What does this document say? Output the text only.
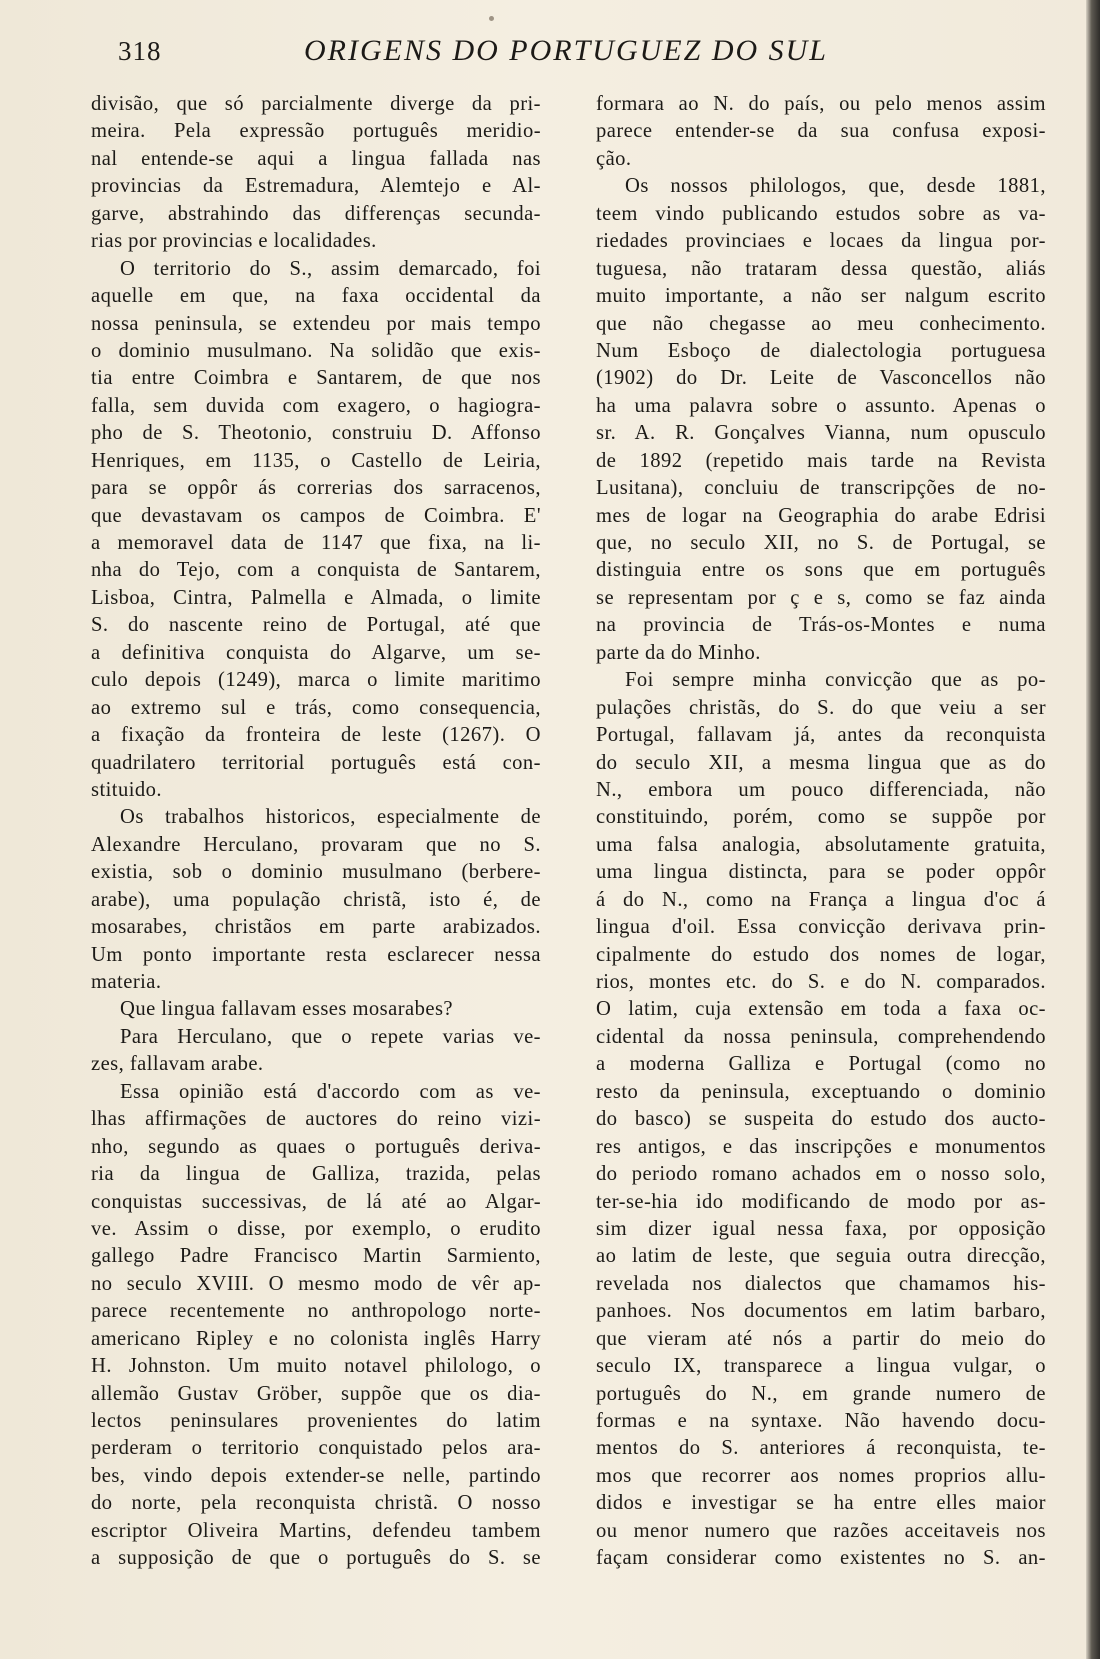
318	ORIGENS DO PORTUGUEZ DO SUL
divisão, que só parcialmente diverge da pri-
meira. Pela expressão português meridio-
nal entende-se aqui a lingua fallada nas
provincias da Estremadura, Alemtejo e Al-
garve, abstrahindo das differenças secunda-
rias por provincias e localidades.
O territorio do S., assim demarcado, foi
aquelle em que, na faxa occidental da
nossa peninsula, se extendeu por mais tempo
o dominio musulmano. Na solidão que exis-
tia entre Coimbra e Santarem, de que nos
falla, sem duvida com exagero, o hagiogra-
pho de S. Theotonio, construiu D. Affonso
Henriques, em 1135, o Castello de Leiria,
para se oppôr ás correrias dos sarracenos,
que devastavam os campos de Coimbra. E'
a memoravel data de 1147 que fixa, na li-
nha do Tejo, com a conquista de Santarem,
Lisboa, Cintra, Palmella e Almada, o limite
S. do nascente reino de Portugal, até que
a definitiva conquista do Algarve, um se-
culo depois (1249), marca o limite maritimo
ao extremo sul e trás, como consequencia,
a fixação da fronteira de leste (1267). O
quadrilatero territorial português está con-
stituido.
Os trabalhos historicos, especialmente de
Alexandre Herculano, provaram que no S.
existia, sob o dominio musulmano (berbere-
arabe), uma população christã, isto é, de
mosarabes, christãos em parte arabizados.
Um ponto importante resta esclarecer nessa
materia.
Que lingua fallavam esses mosarabes?
Para Herculano, que o repete varias ve-
zes, fallavam arabe.
Essa opinião está d'accordo com as ve-
lhas affirmações de auctores do reino vizi-
nho, segundo as quaes o português deriva-
ria da lingua de Galliza, trazida, pelas
conquistas successivas, de lá até ao Algar-
ve. Assim o disse, por exemplo, o erudito
gallego Padre Francisco Martin Sarmiento,
no seculo XVIII. O mesmo modo de vêr ap-
parece recentemente no anthropologo norte-
americano Ripley e no colonista inglês Harry
H. Johnston. Um muito notavel philologo, o
allemão Gustav Gröber, suppõe que os dia-
lectos peninsulares provenientes do latim
perderam o territorio conquistado pelos ara-
bes, vindo depois extender-se nelle, partindo
do norte, pela reconquista christã. O nosso
escriptor Oliveira Martins, defendeu tambem
a supposição de que o português do S. se
formara ao N. do país, ou pelo menos assim
parece entender-se da sua confusa exposi-
ção.
Os nossos philologos, que, desde 1881,
teem vindo publicando estudos sobre as va-
riedades provinciaes e locaes da lingua por-
tuguesa, não trataram dessa questão, aliás
muito importante, a não ser nalgum escrito
que não chegasse ao meu conhecimento.
Num Esboço de dialectologia portuguesa
(1902) do Dr. Leite de Vasconcellos não
ha uma palavra sobre o assunto. Apenas o
sr. A. R. Gonçalves Vianna, num opusculo
de 1892 (repetido mais tarde na Revista
Lusitana), concluiu de transcripções de no-
mes de logar na Geographia do arabe Edrisi
que, no seculo XII, no S. de Portugal, se
distinguia entre os sons que em português
se representam por ç e s, como se faz ainda
na provincia de Trás-os-Montes e numa
parte da do Minho.
Foi sempre minha convicção que as po-
pulações christãs, do S. do que veiu a ser
Portugal, fallavam já, antes da reconquista
do seculo XII, a mesma lingua que as do
N., embora um pouco differenciada, não
constituindo, porém, como se suppõe por
uma falsa analogia, absolutamente gratuita,
uma lingua distincta, para se poder oppôr
á do N., como na França a lingua d'oc á
lingua d'oil. Essa convicção derivava prin-
cipalmente do estudo dos nomes de logar,
rios, montes etc. do S. e do N. comparados.
O latim, cuja extensão em toda a faxa oc-
cidental da nossa peninsula, comprehendendo
a moderna Galliza e Portugal (como no
resto da peninsula, exceptuando o dominio
do basco) se suspeita do estudo dos aucto-
res antigos, e das inscripções e monumentos
do periodo romano achados em o nosso solo,
ter-se-hia ido modificando de modo por as-
sim dizer igual nessa faxa, por opposição
ao latim de leste, que seguia outra direcção,
revelada nos dialectos que chamamos his-
panhoes. Nos documentos em latim barbaro,
que vieram até nós a partir do meio do
seculo IX, transparece a lingua vulgar, o
português do N., em grande numero de
formas e na syntaxe. Não havendo docu-
mentos do S. anteriores á reconquista, te-
mos que recorrer aos nomes proprios allu-
didos e investigar se ha entre elles maior
ou menor numero que razões acceitaveis nos
façam considerar como existentes no S. an-
